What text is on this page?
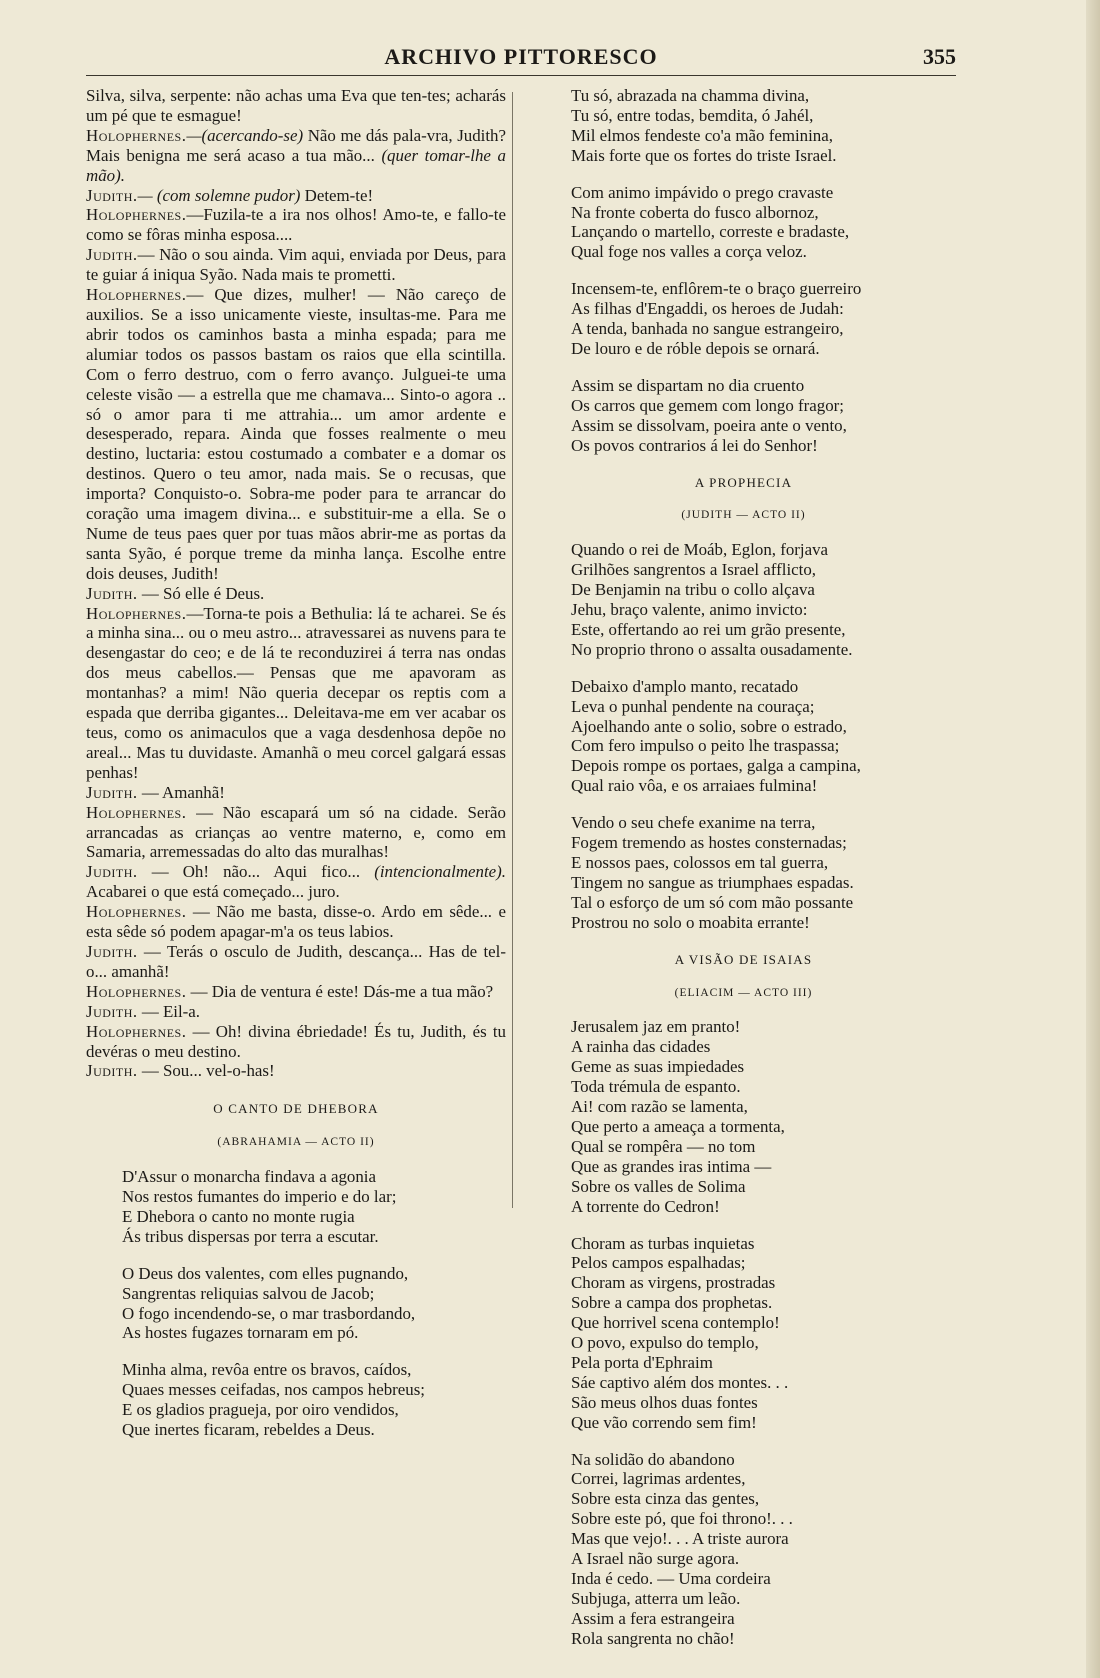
ARCHIVO PITTORESCO	355

Silva, silva, serpente: não achas uma Eva que ten-tes; acharás um pé que te esmague!

Holophernes.—(acercando-se) Não me dás pala-vra, Judith? Mais benigna me será acaso a tua mão... (quer tomar-lhe a mão).

Judith.— (com solemne pudor) Detem-te!

Holophernes.—Fuzila-te a ira nos olhos! Amo-te, e fallo-te como se fôras minha esposa....

Judith.— Não o sou ainda. Vim aqui, enviada por Deus, para te guiar á iniqua Syão. Nada mais te prometti.

Holophernes.— Que dizes, mulher! — Não careço de auxilios. Se a isso unicamente vieste, insultas-me. Para me abrir todos os caminhos basta a minha espada; para me alumiar todos os passos bastam os raios que ella scintilla. Com o ferro destruo, com o ferro avanço. Julguei-te uma celeste visão — a estrella que me chamava... Sinto-o agora .. só o amor para ti me attrahia... um amor ardente e desesperado, repara. Ainda que fosses realmente o meu destino, luctaria: estou costumado a combater e a domar os destinos. Quero o teu amor, nada mais. Se o recusas, que importa? Conquisto-o. Sobra-me poder para te arrancar do coração uma imagem divina... e substituir-me a ella. Se o Nume de teus paes quer por tuas mãos abrir-me as portas da santa Syão, é porque treme da minha lança. Escolhe entre dois deuses, Judith!

Judith. — Só elle é Deus.

Holophernes.—Torna-te pois a Bethulia: lá te acharei. Se és a minha sina... ou o meu astro... atravessarei as nuvens para te desengastar do ceo; e de lá te reconduzirei á terra nas ondas dos meus cabellos.— Pensas que me apavoram as montanhas? a mim! Não queria decepar os reptis com a espada que derriba gigantes... Deleitava-me em ver acabar os teus, como os animaculos que a vaga desdenhosa depõe no areal... Mas tu duvidaste. Amanhã o meu corcel galgará essas penhas!

Judith. — Amanhã!

Holophernes. — Não escapará um só na cidade. Serão arrancadas as crianças ao ventre materno, e, como em Samaria, arremessadas do alto das muralhas!

Judith. — Oh! não... Aqui fico... (intencionalmente). Acabarei o que está começado... juro.

Holophernes. — Não me basta, disse-o. Ardo em sêde... e esta sêde só podem apagar-m'a os teus labios.

Judith. — Terás o osculo de Judith, descança... Has de tel-o... amanhã!

Holophernes. — Dia de ventura é este! Dás-me a tua mão?

Judith. — Eil-a.

Holophernes. — Oh! divina ébriedade! És tu, Judith, és tu devéras o meu destino.

Judith. — Sou... vel-o-has!

O CANTO DE DHEBORA

(ABRAHAMIA — ACTO II)

D'Assur o monarcha findava a agonia

Nos restos fumantes do imperio e do lar;

E Dhebora o canto no monte rugia

Ás tribus dispersas por terra a escutar.

O Deus dos valentes, com elles pugnando,

Sangrentas reliquias salvou de Jacob;

O fogo incendendo-se, o mar trasbordando,

As hostes fugazes tornaram em pó.

Minha alma, revôa entre os bravos, caídos,

Quaes messes ceifadas, nos campos hebreus;

E os gladios pragueja, por oiro vendidos,

Que inertes ficaram, rebeldes a Deus.

Tu só, abrazada na chamma divina,

Tu só, entre todas, bemdita, ó Jahél,

Mil elmos fendeste co'a mão feminina,

Mais forte que os fortes do triste Israel.

Com animo impávido o prego cravaste

Na fronte coberta do fusco albornoz,

Lançando o martello, correste e bradaste,

Qual foge nos valles a corça veloz.

Incensem-te, enflôrem-te o braço guerreiro

As filhas d'Engaddi, os heroes de Judah:

A tenda, banhada no sangue estrangeiro,

De louro e de róble depois se ornará.

Assim se dispartam no dia cruento

Os carros que gemem com longo fragor;

Assim se dissolvam, poeira ante o vento,

Os povos contrarios á lei do Senhor!

A PROPHECIA

(JUDITH — ACTO II)

Quando o rei de Moáb, Eglon, forjava

Grilhões sangrentos a Israel afflicto,

De Benjamin na tribu o collo alçava

Jehu, braço valente, animo invicto:

Este, offertando ao rei um grão presente,

No proprio throno o assalta ousadamente.

Debaixo d'amplo manto, recatado

Leva o punhal pendente na couraça;

Ajoelhando ante o solio, sobre o estrado,

Com fero impulso o peito lhe traspassa;

Depois rompe os portaes, galga a campina,

Qual raio vôa, e os arraiaes fulmina!

Vendo o seu chefe exanime na terra,

Fogem tremendo as hostes consternadas;

E nossos paes, colossos em tal guerra,

Tingem no sangue as triumphaes espadas.

Tal o esforço de um só com mão possante

Prostrou no solo o moabita errante!

A VISÃO DE ISAIAS

(ELIACIM — ACTO III)

Jerusalem jaz em pranto!

A rainha das cidades

Geme as suas impiedades

Toda trémula de espanto.

Ai! com razão se lamenta,

Que perto a ameaça a tormenta,

Qual se rompêra — no tom

Que as grandes iras intima —

Sobre os valles de Solima

A torrente do Cedron!

Choram as turbas inquietas

Pelos campos espalhadas;

Choram as virgens, prostradas

Sobre a campa dos prophetas.

Que horrivel scena contemplo!

O povo, expulso do templo,

Pela porta d'Ephraim

Sáe captivo além dos montes. . .

São meus olhos duas fontes

Que vão correndo sem fim!

Na solidão do abandono

Correi, lagrimas ardentes,

Sobre esta cinza das gentes,

Sobre este pó, que foi throno!. . .

Mas que vejo!. . . A triste aurora

A Israel não surge agora.

Inda é cedo. — Uma cordeira

Subjuga, atterra um leão.

Assim a fera estrangeira

Rola sangrenta no chão!
